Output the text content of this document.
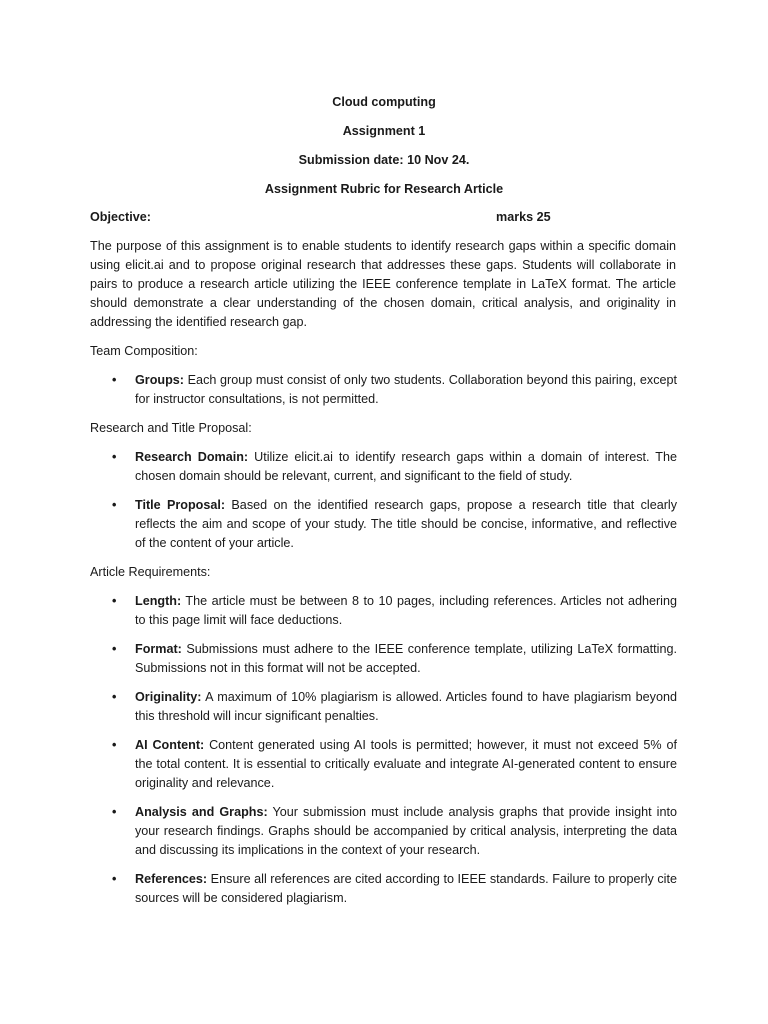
Cloud computing
Assignment 1
Submission date: 10 Nov 24.
Assignment Rubric for Research Article
Objective:	marks 25
The purpose of this assignment is to enable students to identify research gaps within a specific domain using elicit.ai and to propose original research that addresses these gaps. Students will collaborate in pairs to produce a research article utilizing the IEEE conference template in LaTeX format. The article should demonstrate a clear understanding of the chosen domain, critical analysis, and originality in addressing the identified research gap.
Team Composition:
• Groups: Each group must consist of only two students. Collaboration beyond this pairing, except for instructor consultations, is not permitted.
Research and Title Proposal:
• Research Domain: Utilize elicit.ai to identify research gaps within a domain of interest. The chosen domain should be relevant, current, and significant to the field of study.
• Title Proposal: Based on the identified research gaps, propose a research title that clearly reflects the aim and scope of your study. The title should be concise, informative, and reflective of the content of your article.
Article Requirements:
• Length: The article must be between 8 to 10 pages, including references. Articles not adhering to this page limit will face deductions.
• Format: Submissions must adhere to the IEEE conference template, utilizing LaTeX formatting. Submissions not in this format will not be accepted.
• Originality: A maximum of 10% plagiarism is allowed. Articles found to have plagiarism beyond this threshold will incur significant penalties.
• AI Content: Content generated using AI tools is permitted; however, it must not exceed 5% of the total content. It is essential to critically evaluate and integrate AI-generated content to ensure originality and relevance.
• Analysis and Graphs: Your submission must include analysis graphs that provide insight into your research findings. Graphs should be accompanied by critical analysis, interpreting the data and discussing its implications in the context of your research.
• References: Ensure all references are cited according to IEEE standards. Failure to properly cite sources will be considered plagiarism.
